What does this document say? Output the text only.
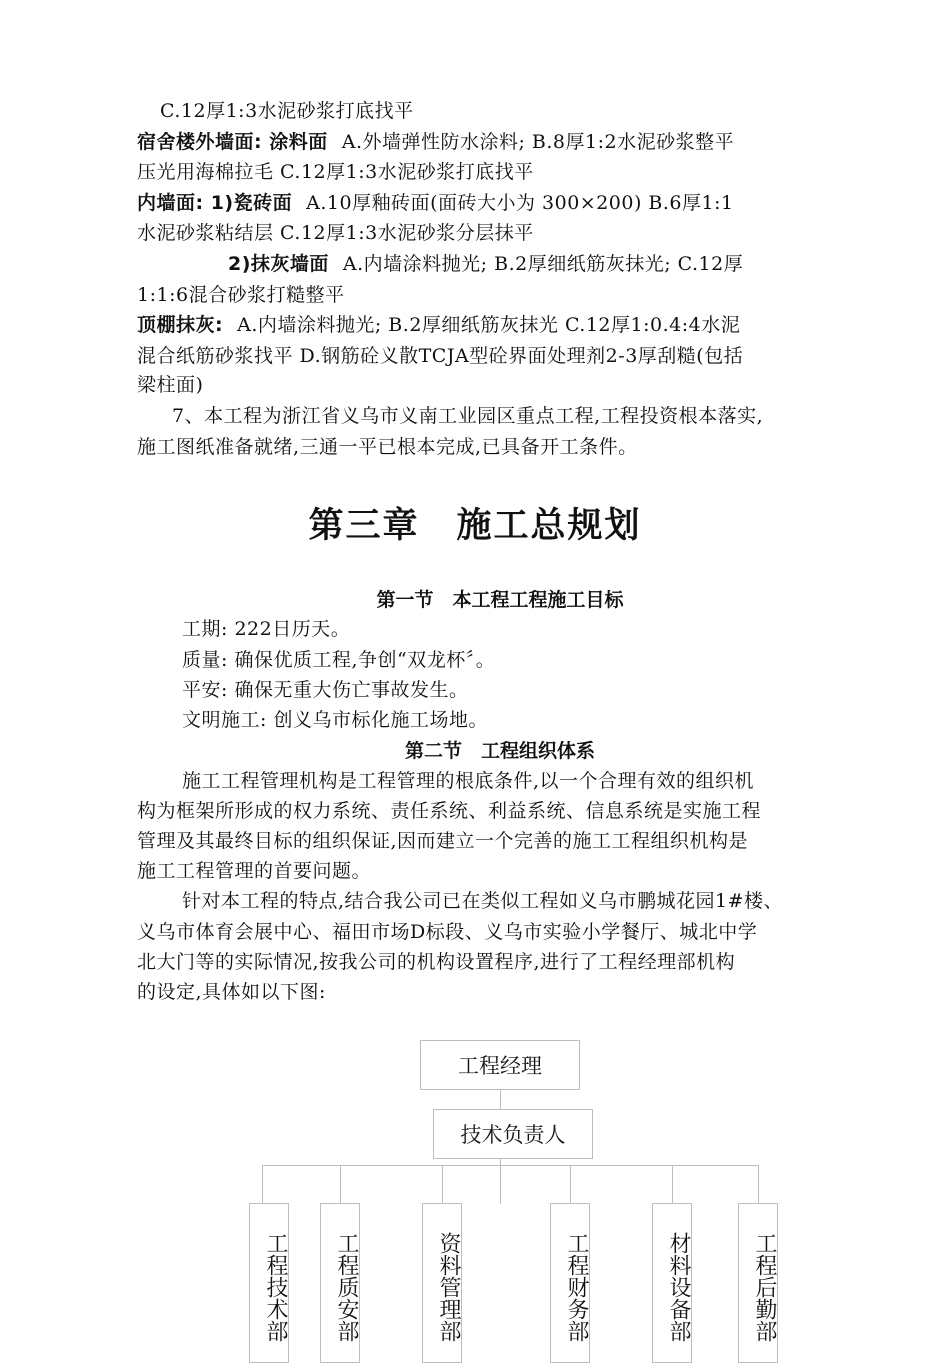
C.12厚1:3水泥砂浆打底找平
宿舍楼外墙面: 涂料面 A.外墙弹性防水涂料; B.8厚1:2水泥砂浆整平
压光用海棉拉毛 C.12厚1:3水泥砂浆打底找平
内墙面: 1)瓷砖面 A.10厚釉砖面(面砖大小为 300×200) B.6厚1:1
水泥砂浆粘结层 C.12厚1:3水泥砂浆分层抹平
2)抹灰墙面 A.内墙涂料抛光; B.2厚细纸筋灰抹光; C.12厚
1:1:6混合砂浆打糙整平
顶棚抹灰: A.内墙涂料抛光; B.2厚细纸筋灰抹光 C.12厚1:0.4:4水泥
混合纸筋砂浆找平 D.钢筋砼义散TCJA型砼界面处理剂2-3厚刮糙(包括
梁柱面)
7、本工程为浙江省义乌市义南工业园区重点工程,工程投资根本落实,
施工图纸准备就绪,三通一平已根本完成,已具备开工条件。
第三章　施工总规划
第一节　本工程工程施工目标
工期: 222日历天。
质量: 确保优质工程,争创“双龙杯〞。
平安: 确保无重大伤亡事故发生。
文明施工: 创义乌市标化施工场地。
第二节　工程组织体系
施工工程管理机构是工程管理的根底条件,以一个合理有效的组织机
构为框架所形成的权力系统、责任系统、利益系统、信息系统是实施工程
管理及其最终目标的组织保证,因而建立一个完善的施工工程组织机构是
施工工程管理的首要问题。
针对本工程的特点,结合我公司已在类似工程如义乌市鹏城花园1#楼、
义乌市体育会展中心、福田市场D标段、义乌市实验小学餐厅、城北中学
北大门等的实际情况,按我公司的机构设置程序,进行了工程经理部机构
的设定,具体如以下图:
工程经理
技术负责人
工程技术部	工程质安部	资料管理部	工程财务部	材料设备部	工程后勤部
